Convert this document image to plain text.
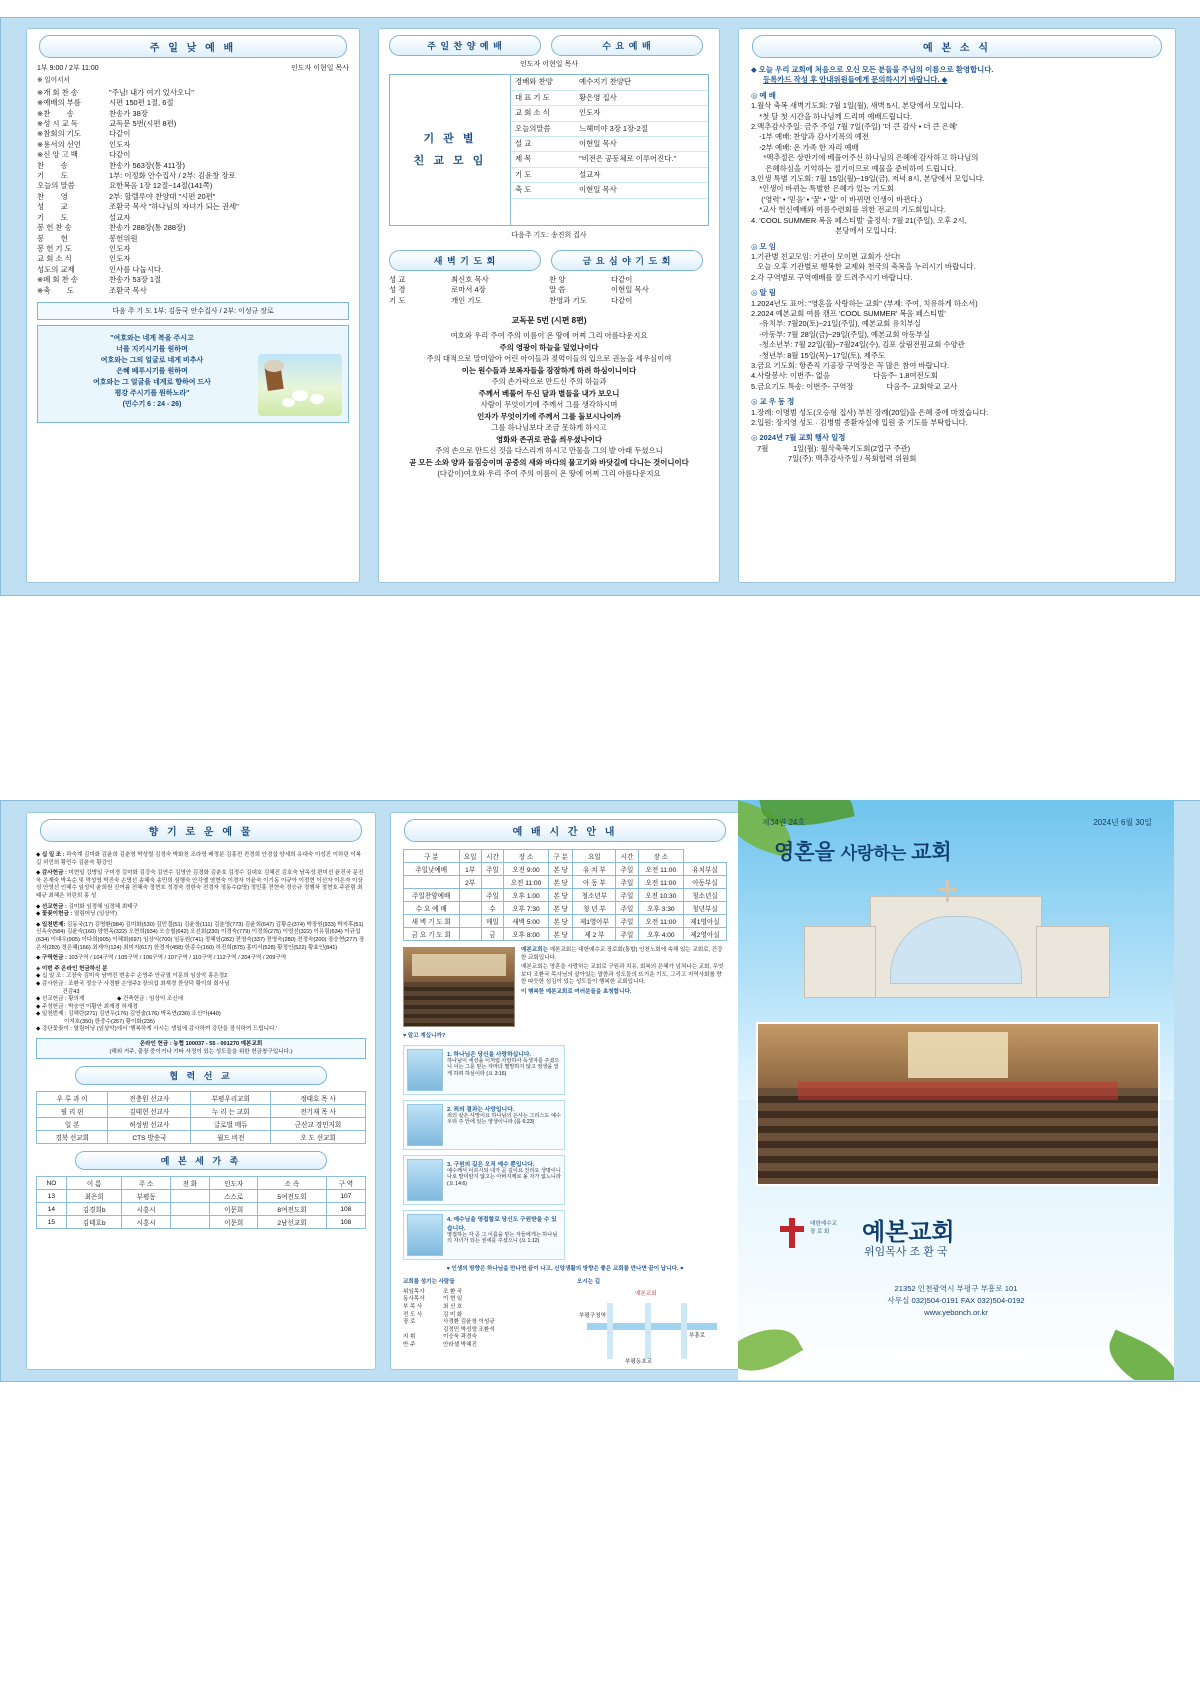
주 일 낮 예 배
1부 9:00 / 2부 11:00	인도자 이현일 목사
※ 일어서서
※개 회 찬 송	"주님! 내가 여기 있사오니"
※예배의 부름	시편 150편 1절, 6절
※찬        송	찬송가 38장
※성 시 교 독	교독문 5번(시편 8편)
※참회의 기도	다같이
※용서의 선언	인도자
※신 앙 고 백	다같이
찬        송	찬송가 563장(통 411장)
기        도	1부: 이정화 안수집사 / 2부: 김윤창 장로
오늘의 말씀	요한복음 1장 12절~14절(141쪽)
찬        영	2부: 할렐루야 찬양대 "시편 20편"
성        교	조환국 목사 "하나님의 자녀가 되는 권세"
기        도	설교자
봉 헌 찬 송	찬송가 288장(통 288장)
봉        헌	봉헌위원
봉 헌 기 도	인도자
교 회 소 식	인도자
성도의 교제	인사를 나눕시다.
※폐 회 찬 송	찬송가 53장 1절
※축        도	조환국 목사
다음 주 기 도 1부: 김동국 안수집사 / 2부: 이성규 장로
"여호와는 네게 복을 주시고
너를 지키시기를 원하며
여호와는 그의 얼굴로 네게 비추사
은혜 베푸시기를 원하며
여호와는 그 얼굴을 네게로 향하여 드사
평강 주시기를 원하노라"
(민수기 6 : 24 - 26)
주 일 찬 양 예 배	수 요 예 배
인도자 이현일 목사
기 관 별
친 교 모 임
경배와 찬양	예수지기 찬양단
대 표 기 도	황은영 집사
교 회 소 식	인도자
오늘의말씀	느헤미야 3장 1장-2절
설 교	이현일 목사
제 목	"비전은 공동체로 이루어진다."
기 도	설교자
축 도	이현일 목사
다음주 기도: 송진희 집사
새 벽 기 도 회	금 요 심 야 기 도 회
성 교	최신호 목사
성 경	로마서 4장
기 도	개인 기도
찬 양	다같이
말 씀	이현일 목사
찬영과 기도	다같이
교독문 5번 (시편 8편)
여호와 우리 주여 주의 이름이 온 땅에 어찌 그리 아름다운지요
주의 영광이 하늘을 덮었나이다
주의 대적으로 말미암아 어린 아이들과 젖먹이들의 입으로 권능을 세우심이여
이는 원수들과 보복자들을 잠잠하게 하려 하심이니이다
주의 손가락으로 만드신 주의 하늘과
주께서 베풀어 두신 달과 별들을 내가 보오니
사람이 무엇이기에 주께서 그를 생각하시며
인자가 무엇이기에 주께서 그를 돌보시나이까
그를 하나님보다 조금 못하게 하시고
영화와 존귀로 관을 씌우셨나이다
주의 손으로 만드신 것을 다스리게 하시고 만물을 그의 발 아래 두셨으니
곧 모든 소와 양과 들짐승이며 공중의 새와 바다의 물고기와 바닷길에 다니는 것이니이다
(다같이)여호와 우리 주여 주의 이름이 온 땅에 어찌 그리 아름다운지요
예 본 소 식
◆ 오늘 우리 교회에 처음으로 오신 모든 분들을 주님의 이름으로 환영합니다.
등록카드 작성 후 안내위원들에게 문의하시기 바랍니다. ◆
◎ 예 배
1.월삭 축복 새벽기도회: 7월 1일(월), 새벽 5시, 본당에서 모입니다.
*첫 달 첫 시간을 하나님께 드리며 예배드립니다.
2.맥추감사주일: 금주 주일 7월 7일(주일) '더 큰 감사 • 더 큰 은혜'
-1부 예배: 찬양과 감사기록의 예전
-2부 예배: 온 가족 한 자리 예배
*맥추절은 상반기에 베풀어주신 하나님의 은혜에 감사하고 하나님의
은혜하심을 기억하는 절기이므로 예물을 준비하여 드립니다.
3.인생 특별 기도회: 7월 15일(월)~19일(금), 저녁 8시, 본당에서 모입니다.
*인생이 바뀌는 특별한 은혜가 있는 기도회
('영력' • '믿음' • '꿈' • '앞' 이 바뀌면 인생이 바뀐다.)
*교사 헌신예배와 여름수련회를 위한 전교의 기도회입니다.
4. 'COOL SUMMER 복음 페스티벌' 출정식: 7월 21(주일), 오후 2시,
본당에서 모입니다.
◎ 모 임
1.기관별 친교모임: 기관이 모이면 교회가 산다!
오늘 오후 기관별로 행복한 교제와 천국의 축복을 누리시기 바랍니다.
2.각 구역별로 구역예배를 잘 드려주시기 바랍니다.
◎ 알 림
1.2024년도 표어: "영혼을 사랑하는 교회" (부제: 주여, 치유하게 하소서)
2.2024 예본교회 여름 캠프 'COOL SUMMER' 복음 페스티벌'
-유치부: 7월20(토)~21일(주일), 예본교회 유치부실
-아동부: 7월 28일(금)~29일(주일), 예본교회 아동부실
-청소년부: 7월 22일(월)~7월24일(수), 김포 살림전원교회 수양관
-청년부: 8월 15일(목)~17일(토), 제주도
3.금요 기도회: 항존직 기공장 구역장은 꼭 많은 참여 바랍니다.
4.사랑봉사: 이번주- 없음                     다음주- 1.8여전도회
5.금요기도 특송: 이번주- 구역장                다음주- 교회학교 교사
◎ 교 우 동 정
1.장례: 이명범 성도(오승형 집사) 부친 장례(20일)을 은혜 중에 마쳤습니다.
2.입원: 장지영 성도 · 김병범 종환자실에 입원 중 기도를 부탁합니다.
◎ 2024년 7월 교회 행사 일정
7월            1일(월): 월삭축복기도회(2업구 주관)
7일(주): 맥추감사주일 / 목회협력 위원회
향 기 로 운 예 물
◆ 십 일 조 : 곽숙계 김미화 김윤희 김춘영 박성렬 김정숙 박화천 조라영 배정분 김홍전 전경희 안경섭 양세희 유대숙 이성진 이하린 이복길 허민희 황민수 김윤숙 황강인
◆ 감사헌금 : 미현일 강병일 구미경 김미화 김강숙 김연수 김영안 김경화 김춘호 김정수 김대호 김혜진 김호숙 남옥성 편미선 윤진국 문진욱 은재숙 박옥순 및 막성영 박진숙 손명선 송혜숙 송민희 심행숙 안각옐 염현숙 이경자 이윤숙 이기동 이규아 이정현 이선자 이은자 이상성 안영선 인혜수 임성익 윤희원 진여름 전혜숙 정현호 정경숙 정한숙 전경자 정동수(2명) 정민홍 전현숙 정승규 정행차 정현호 주완림 최태규 최혜은 허린희 홍 성
◆ 선교헌금 : 김미화 임정혜 임정혜 최태구
◆ 꽃꽂이헌금 : 열림어닝 (임상악)
◆ 일천번제: 김동국(17) 김명환(984) 김미화(530) 김민결(51) 김윤창(111) 김춘영(773) 김윤희(647) 김황순(374) 박장원(933) 박지후(51) 신옥숙(584) 김윤숙(160) 양현옥(322) 오현희(934) 오승철(642) 오선회(230) 이경숙(779) 이정희(275) 이영선(322) 이유림(634) 이규섭(634) 이대우(905) 이다희(905) 이혜화(697) 임상익(700) 임동원(741) 정혜임(282) 전영숙(337) 전영숙(280) 전정숙(200) 장승현(277) 장은지(283) 정은혜(166) 최재아(124) 최미지(617) 한경자(458) 한종수(160) 허진희(875) 홍미서(528) 황정인(522) 황효인(841)
◆ 구역헌금 : 103구역 / 104구역 / 105구역 / 106구역 / 107구역 / 110구역 / 112구역 / 204구역 / 209구역
◈ 이번 주 온라인 헌금하신 분
◆ 십 일 조 : 고장숙 김미숙 남여진 변송수 손영주 안규열 이문희 임상악 홍은정2
◆ 감사헌금 : 조환국 정승구 사경환 손영주2 장의섭 최재경 찬상덕 황이희 회사님
건감43
◆ 선교헌금 : 황의재                     ◆ 건축헌금 : 임상익 조신애
◆ 주정헌금 : 박숭연 이황안 최재경 허재경
◆ 일천번제 : 김해란(271) 김연우(176) 김연술(176) 박옥연(230) 조신아(440)
이지호(350) 한중수(257) 황이화(235)
◆ 강단꽃꽂이 : 열림어닝 (임상악)에서 '행복하게 사시는 생일에 감사하여 강단을 장식하여 드립니다.'
온라인 헌금 : 농협 100037 - 55 - 001270 예본교회
(해외 거주, 출장 중이거나 기타 사정이 있는 성도들을 위한 헌금창구입니다.)
협 력 선 교
우 루 과 이	전충원 선교사	부평우리교회	정태호 목 사
필 리 핀	김태현 선교사	누 리 는 교회	전기재 목 사
일 본	허성범 선교사	글로벌 메듀	군산교 경민지회
경북 선교회	CTS 방송국	월드 비전	오 도 선교회
예 본 세 가 족
NO	이 름	주 소	전 화	인도자	소 속	구 역
13	최은희	부평동		스스로	5여전도회	107
14	김경희b	시흥시		이문희	8여전도회	108
15	김태호b	시흥시		이문희	2남선교회	108
예 배 시 간 안 내
구 분	요일	시간	장 소	구 분	요일	시간	장 소	
주일낮예배	1부	주일	오전 9:00	본 당	유 치 부	주일	오전 11:00	유치부실
	2부		오전 11:00	본 당	아 동 부	주일	오전 11:00	아동부실
주일찬양예배		주일	오후 1:00	본 당	청소년부	주일	오전 10:30	청소년실
수 요 예 배		수	오후 7:30	본 당	청 년 부	주일	오후 3:30	청년부실
새 벽 기 도 회		매일	새벽 5:00	본 당	제1영아부	주일	오전 11:00	제1영아실
금 요 기 도 회		금	오후 8:00	본 당	제 2 부	주일	오후 4:00	제2영아실
예본교회는 예본교회는 대한예수교 장로회(통합) 인천노회에 속해 있는 교회로, 건강한 교회입니다.
예본교회는 영혼을 사랑하는 교회로 구원과 치유, 회복의 은혜가 넘쳐나는 교회, 무엇보다 조환국 목사님의 살아있는 말씀과 성도들의 뜨거운 기도, 그리고 지역사회를 향한 따듯한 섬김이 있는 성도들이 행복한 교회입니다.
이 행복한 예본교회로 여러분들을 초청합니다.
♥ 알고 계십니까?
1. 하나님은 당신을 사랑하십니다.
하나님이 세상을 이처럼 사랑하사 독생자를 주셨으니 이는 그를 믿는 자마다 멸망하지 않고 영생을 얻게 하려 하심이라 (요 3:16)
2. 죄의 결과는 사망입니다.
죄의 삯은 사망이요 하나님의 은사는 그리스도 예수 우리 주 안에 있는 영생이니라 (롬 6:23)
3. 구원의 길은 오직 예수 뿐입니다.
예수께서 이르시되 내가 곧 길이요 진리요 생명이니 나로 말미암지 않고는 아버지께로 올 자가 없느니라 (요 14:6)
4. 예수님을 영접할로 당신도 구원받을 수 있습니다.
영접하는 자 곧 그 이름을 믿는 자들에게는 하나님의 자녀가 되는 권세를 주셨으니 (요 1:12)
♥ 인생의 방향은 하나님을 만나면 끝이 나고, 신앙생활의 방향은 좋은 교회를 만나면 끝이 납니다. ♥
교회를 섬기는 사람들
위임목사	조 환 국
동사목사	이 현 일
부 목 사	최 신 호
전 도 사	김 미 화
장 로	사경환 김윤창 이성규
김정민 박성렬 조환석
지 휘	이승욱 곽경숙
반 주	안라셀 박혜진
오시는 길
예본교회
부평구청역
부흥로
부평동초교
제34권 24호	2024년 6월 30일
영혼을 사랑하는 교회
대한예수교
장 로 회	예본교회
위임목사 조 환 국
21352 인천광역시 부평구 부흥로 101
사무실 032)504-0191 FAX 032)504-0192
www.yebonch.or.kr
